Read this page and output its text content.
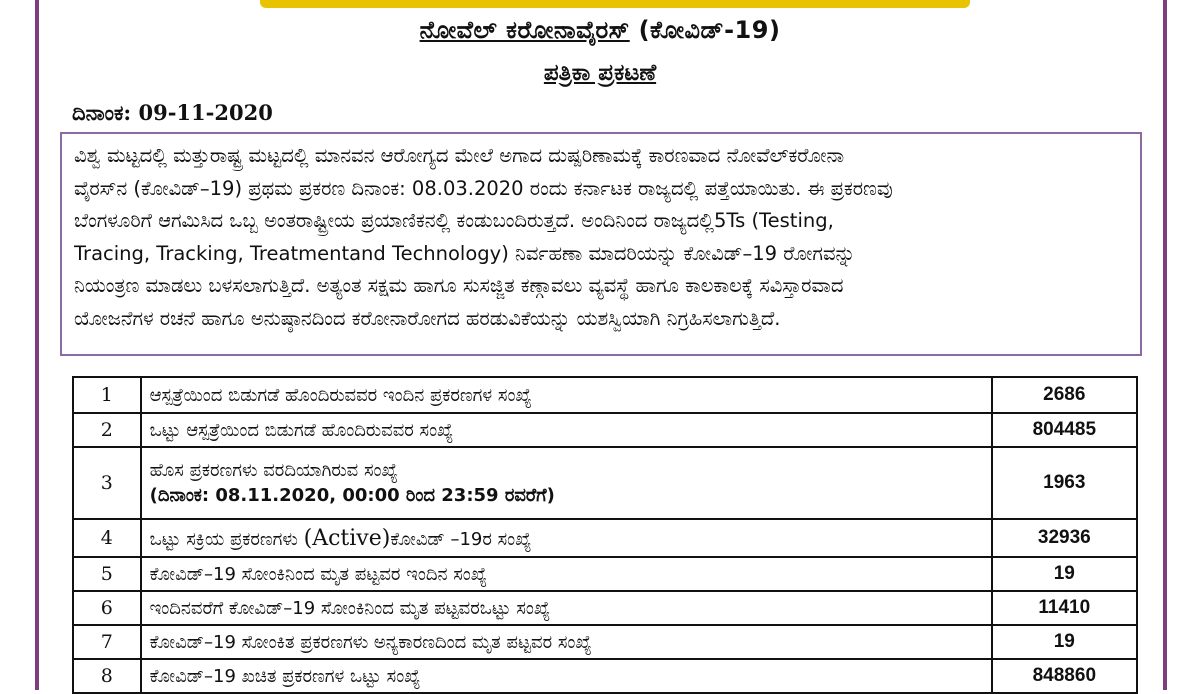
ನೋವೆಲ್ ಕರೋನಾವೈರಸ್ (ಕೋವಿಡ್-19)
ಪತ್ರಿಕಾ ಪ್ರಕಟಣೆ
ದಿನಾಂಕ: 09-11-2020
ವಿಶ್ವ ಮಟ್ಟದಲ್ಲಿ ಮತ್ತುರಾಷ್ಟ್ರ ಮಟ್ಟದಲ್ಲಿ ಮಾನವನ ಆರೋಗ್ಯದ ಮೇಲೆ ಅಗಾದ ದುಷ್ಪರಿಣಾಮಕ್ಕೆ ಕಾರಣವಾದ ನೋವೆಲ್‌ಕರೋನಾ
ವೈರಸ್‌ನ (ಕೋವಿಡ್–19) ಪ್ರಥಮ ಪ್ರಕರಣ ದಿನಾಂಕ: 08.03.2020 ರಂದು ಕರ್ನಾಟಕ ರಾಜ್ಯದಲ್ಲಿ ಪತ್ತೆಯಾಯಿತು. ಈ ಪ್ರಕರಣವು
ಬೆಂಗಳೂರಿಗೆ ಆಗಮಿಸಿದ ಒಬ್ಬ ಅಂತರಾಷ್ಟ್ರೀಯ ಪ್ರಯಾಣಿಕನಲ್ಲಿ ಕಂಡುಬಂದಿರುತ್ತದೆ. ಅಂದಿನಿಂದ ರಾಜ್ಯದಲ್ಲಿ5Ts (Testing,
Tracing, Tracking, Treatmentand Technology) ನಿರ್ವಹಣಾ ಮಾದರಿಯನ್ನು ಕೋವಿಡ್–19 ರೋಗವನ್ನು
ನಿಯಂತ್ರಣ ಮಾಡಲು ಬಳಸಲಾಗುತ್ತಿದೆ. ಅತ್ಯಂತ ಸಕ್ಷಮ ಹಾಗೂ ಸುಸಜ್ಜಿತ ಕಣ್ಗಾವಲು ವ್ಯವಸ್ಥೆ ಹಾಗೂ ಕಾಲಕಾಲಕ್ಕೆ ಸವಿಸ್ತಾರವಾದ
ಯೋಜನೆಗಳ ರಚನೆ ಹಾಗೂ ಅನುಷ್ಠಾನದಿಂದ ಕರೋನಾರೋಗದ ಹರಡುವಿಕೆಯನ್ನು ಯಶಸ್ವಿಯಾಗಿ ನಿಗ್ರಹಿಸಲಾಗುತ್ತಿದೆ.
1	ಆಸ್ಪತ್ರೆಯಿಂದ ಬಿಡುಗಡೆ ಹೊಂದಿರುವವರ ಇಂದಿನ ಪ್ರಕರಣಗಳ ಸಂಖ್ಯೆ	2686
2	ಒಟ್ಟು ಆಸ್ಪತ್ರೆಯಿಂದ ಬಿಡುಗಡೆ ಹೊಂದಿರುವವರ ಸಂಖ್ಯೆ	804485
3	ಹೊಸ ಪ್ರಕರಣಗಳು ವರದಿಯಾಗಿರುವ ಸಂಖ್ಯೆ
(ದಿನಾಂಕ: 08.11.2020, 00:00 ರಿಂದ 23:59 ರವರೆಗೆ)	1963
4	ಒಟ್ಟು ಸಕ್ರಿಯ ಪ್ರಕರಣಗಳು (Active)ಕೋವಿಡ್ –19ರ ಸಂಖ್ಯೆ	32936
5	ಕೋವಿಡ್–19 ಸೋಂಕಿನಿಂದ ಮೃತ ಪಟ್ಟವರ ಇಂದಿನ ಸಂಖ್ಯೆ	19
6	ಇಂದಿನವರೆಗೆ ಕೋವಿಡ್–19 ಸೋಂಕಿನಿಂದ ಮೃತ ಪಟ್ಟವರಒಟ್ಟು ಸಂಖ್ಯೆ	11410
7	ಕೋವಿಡ್–19 ಸೋಂಕಿತ ಪ್ರಕರಣಗಳು ಅನ್ಯಕಾರಣದಿಂದ ಮೃತ ಪಟ್ಟವರ ಸಂಖ್ಯೆ	19
8	ಕೋವಿಡ್–19 ಖಚಿತ ಪ್ರಕರಣಗಳ ಒಟ್ಟು ಸಂಖ್ಯೆ	848860
